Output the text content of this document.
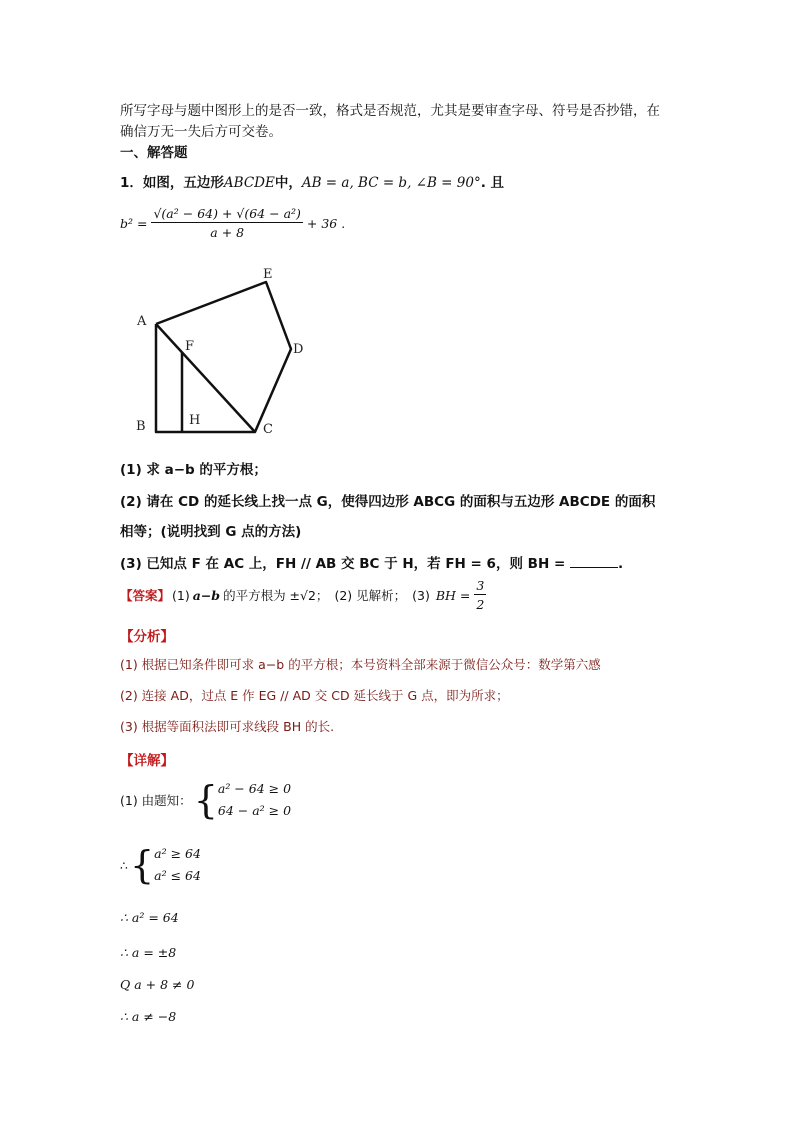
所写字母与题中图形上的是否一致，格式是否规范，尤其是要审查字母、符号是否抄错，在
确信万无一失后方可交卷。
一、解答题
1．如图，五边形ABCDE中，AB = a, BC = b, ∠B = 90°. 且
$b^2 = \frac{\text{√(a² − 64) + √(64 − a²)}}{a + 8} + 36$ .
A
E
D
F
H
B	C
(1) 求 a−b 的平方根；
(2) 请在 CD 的延长线上找一点 G，使得四边形 ABCG 的面积与五边形 ABCDE 的面积
相等；(说明找到 G 点的方法)
(3) 已知点 F 在 AC 上，FH // AB 交 BC 于 H，若 FH = 6，则 BH =	.
【答案】 (1) a−b 的平方根为 ±√2； (2) 见解析； (3) BH = $\frac{3}{2}$
【分析】
(1) 根据已知条件即可求 a−b 的平方根；本号资料全部来源于微信公众号：数学第六感
(2) 连接 AD，过点 E 作 EG // AD 交 CD 延长线于 G 点，即为所求；
(3) 根据等面积法即可求线段 BH 的长.
【详解】
(1) 由题知： { a² − 64 ≥ 0
64 − a² ≥ 0
∴ { a² ≥ 64
a² ≤ 64
∴ a² = 64
∴ a = ±8
Q a + 8 ≠ 0
∴ a ≠ −8
